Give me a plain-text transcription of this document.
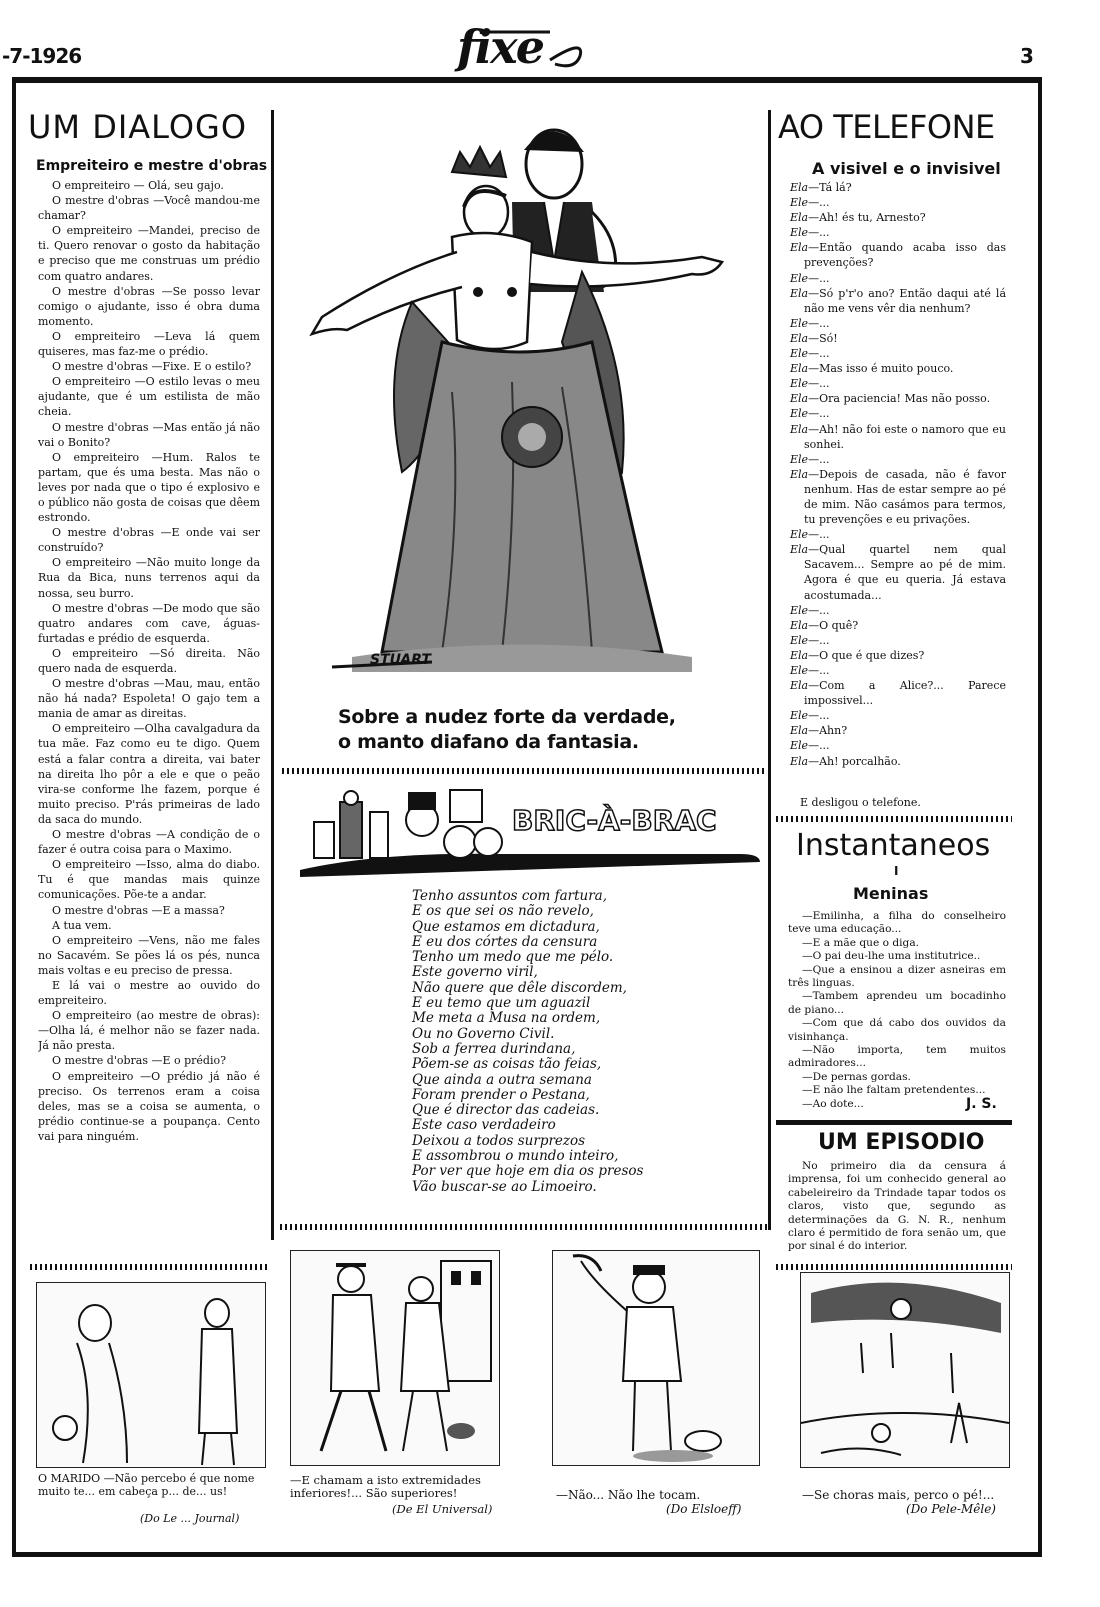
-7-1926	fixe	3
UM DIALOGO
Empreiteiro e mestre d'obras

O empreiteiro — Olá, seu gajo.

O mestre d'obras —Você mandou-me chamar?

O empreiteiro —Mandei, preciso de ti. Quero renovar o gosto da habitação e preciso que me construas um prédio com quatro andares.

O mestre d'obras —Se posso levar comigo o ajudante, isso é obra duma momento.

O empreiteiro —Leva lá quem quiseres, mas faz-me o prédio.

O mestre d'obras —Fixe. E o estilo?

O empreiteiro —O estilo levas o meu ajudante, que é um estilista de mão cheia.

O mestre d'obras —Mas então já não vai o Bonito?

O empreiteiro —Hum. Ralos te partam, que és uma besta. Mas não o leves por nada que o tipo é explosivo e o público não gosta de coisas que dêem estrondo.

O mestre d'obras —E onde vai ser construído?

O empreiteiro —Não muito longe da Rua da Bica, nuns terrenos aqui da nossa, seu burro.

O mestre d'obras —De modo que são quatro andares com cave, águas-furtadas e prédio de esquerda.

O empreiteiro —Só direita. Não quero nada de esquerda.

O mestre d'obras —Mau, mau, então não há nada? Espoleta! O gajo tem a mania de amar as direitas.

O empreiteiro —Olha cavalgadura da tua mãe. Faz como eu te digo. Quem está a falar contra a direita, vai bater na direita lho pôr a ele e que o peão vira-se conforme lhe fazem, porque é muito preciso. P'rás primeiras de lado da saca do mundo.

O mestre d'obras —A condição de o fazer é outra coisa para o Maximo.

O empreiteiro —Isso, alma do diabo. Tu é que mandas mais quinze comunicações. Põe-te a andar.

O mestre d'obras —E a massa?

A tua vem.

O empreiteiro —Vens, não me fales no Sacavém. Se pões lá os pés, nunca mais voltas e eu preciso de pressa.

E lá vai o mestre ao ouvido do empreiteiro.

O empreiteiro (ao mestre de obras): —Olha lá, é melhor não se fazer nada. Já não presta.

O mestre d'obras —E o prédio?

O empreiteiro —O prédio já não é preciso. Os terrenos eram a coisa deles, mas se a coisa se aumenta, o prédio continue-se a poupança. Cento vai para ninguém.

STUART
Sobre a nudez forte da verdade,
o manto diafano da fantasia.
BRIC-À-BRAC
Tenho assuntos com fartura,
E os que sei os não revelo,
Que estamos em dictadura,
E eu dos córtes da censura
Tenho um medo que me pélo.
Este governo viril,
Não quere que dêle discordem,
E eu temo que um aguazil
Me meta a Musa na ordem,
Ou no Governo Civil.
Sob a ferrea durindana,
Põem-se as coisas tão feias,
Que ainda a outra semana
Foram prender o Pestana,
Que é director das cadeias.
Este caso verdadeiro
Deixou a todos surprezos
E assombrou o mundo inteiro,
Por ver que hoje em dia os presos
Vão buscar-se ao Limoeiro.
AO TELEFONE
A visivel e o invisivel

Ela—Tá lá?

Ele—...

Ela—Ah! és tu, Arnesto?

Ele—...

Ela—Então quando acaba isso das prevenções?

Ele—...

Ela—Só p'r'o ano? Então daqui até lá não me vens vêr dia nenhum?

Ele—...

Ela—Só!

Ele—...

Ela—Mas isso é muito pouco.

Ele—...

Ela—Ora paciencia! Mas não posso.

Ele—...

Ela—Ah! não foi este o namoro que eu sonhei.

Ele—...

Ela—Depois de casada, não é favor nenhum. Has de estar sempre ao pé de mim. Não casámos para termos, tu prevenções e eu privações.

Ele—...

Ela—Qual quartel nem qual Sacavem... Sempre ao pé de mim. Agora é que eu queria. Já estava acostumada...

Ele—...

Ela—O quê?

Ele—...

Ela—O que é que dizes?

Ele—...

Ela—Com a Alice?... Parece impossivel...

Ele—...

Ela—Ahn?

Ele—...

Ela—Ah! porcalhão.

E desligou o telefone.
Instantaneos
I
Meninas

—Emilinha, a filha do conselheiro teve uma educação...

—E a mãe que o diga.

—O pai deu-lhe uma institutrice..

—Que a ensinou a dizer asneiras em três linguas.

—Tambem aprendeu um bocadinho de piano...

—Com que dá cabo dos ouvidos da visinhança.

—Não importa, tem muitos admiradores...

—De pernas gordas.

—E não lhe faltam pretendentes...

—Ao dote...	J. S.
UM EPISODIO

No primeiro dia da censura á imprensa, foi um conhecido general ao cabeleireiro da Trindade tapar todos os claros, visto que, segundo as determinações da G. N. R., nenhum claro é permitido de fora senão um, que por sinal é do interior.

O MARIDO —Não percebo é que nome muito te... em cabeça p... de... us!
(Do Le ... Journal)
—E chamam a isto extremidades inferiores!... São superiores!
(De El Universal)
—Não... Não lhe tocam.
(Do Elsloeff)
—Se choras mais, perco o pé!...
(Do Pele-Mêle)
